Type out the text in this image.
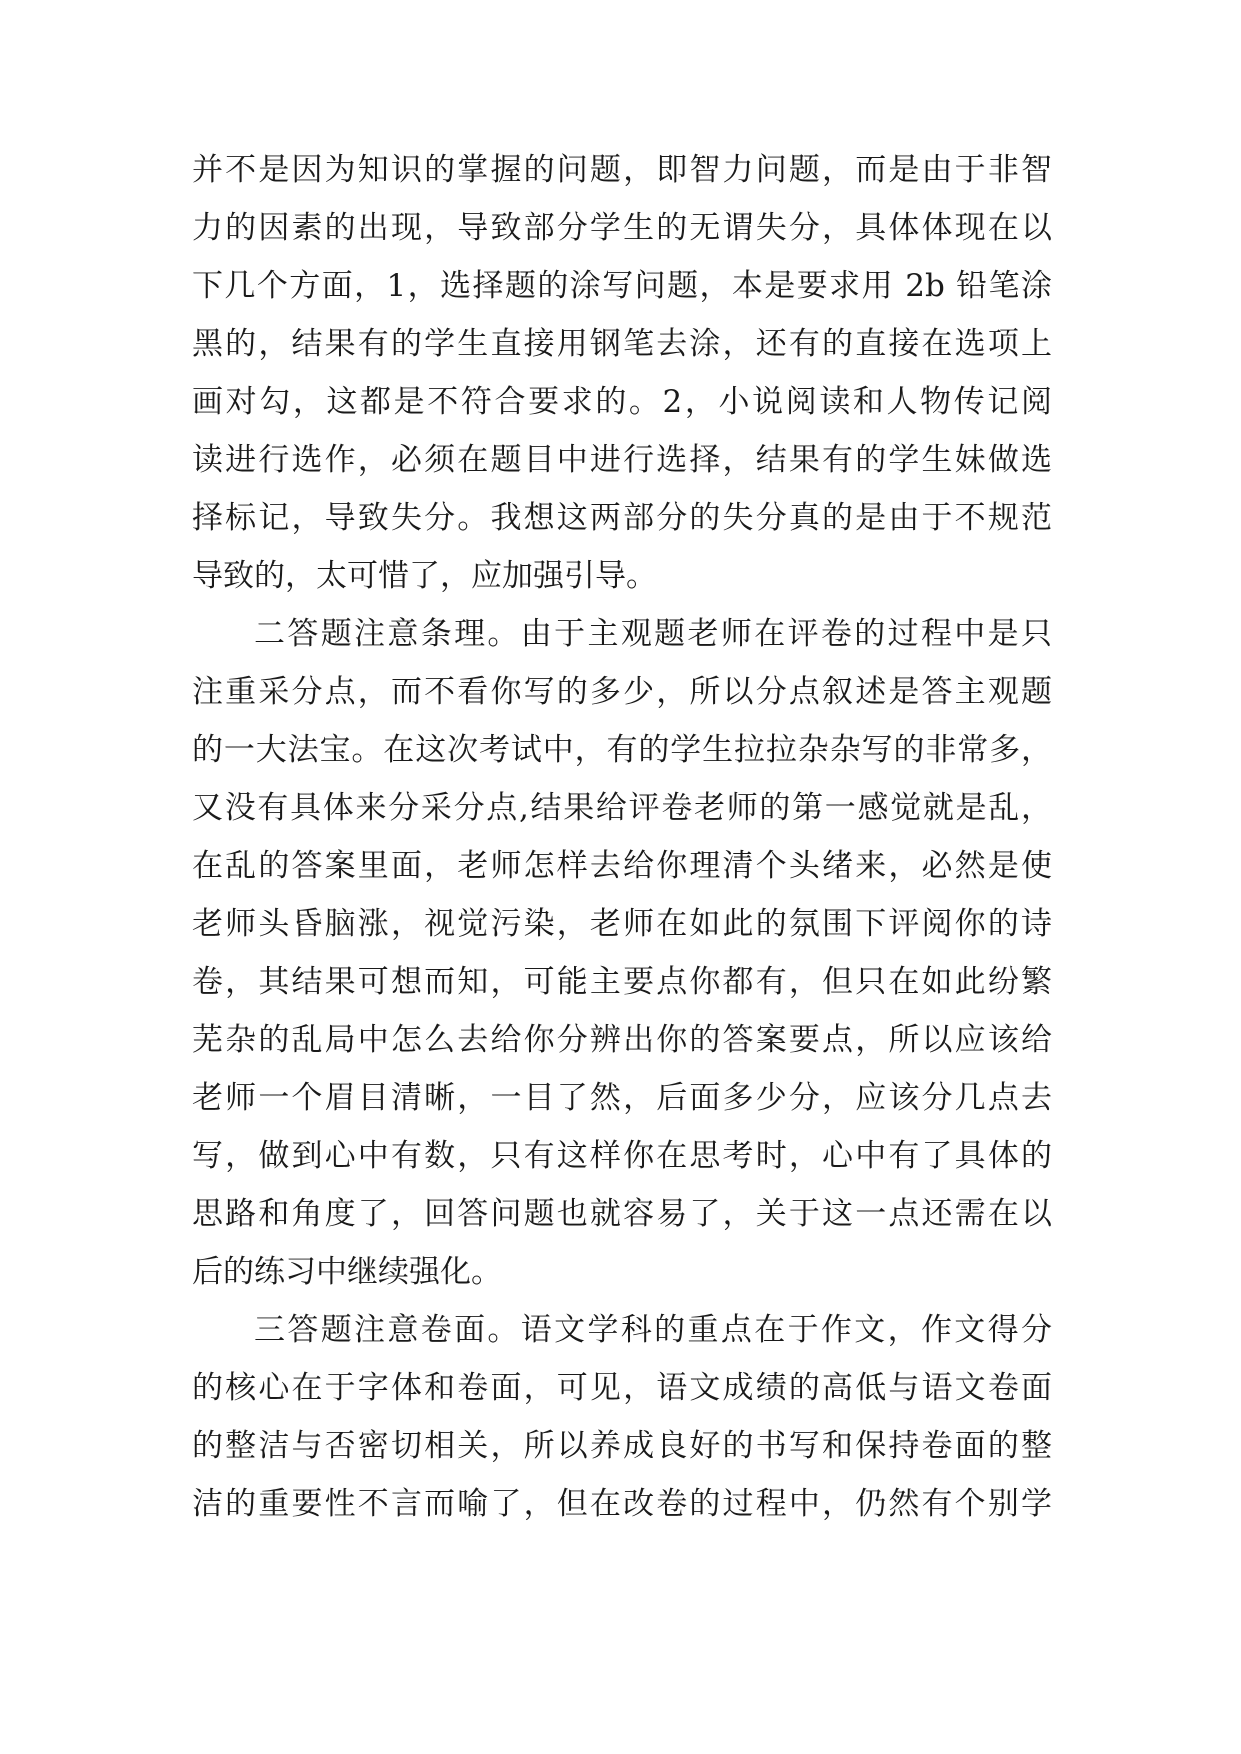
并不是因为知识的掌握的问题，即智力问题，而是由于非智
力的因素的出现，导致部分学生的无谓失分，具体体现在以
下几个方面，1，选择题的涂写问题，本是要求用 2b 铅笔涂
黑的，结果有的学生直接用钢笔去涂，还有的直接在选项上
画对勾，这都是不符合要求的。2，小说阅读和人物传记阅
读进行选作，必须在题目中进行选择，结果有的学生妹做选
择标记，导致失分。我想这两部分的失分真的是由于不规范
导致的，太可惜了，应加强引导。
二答题注意条理。由于主观题老师在评卷的过程中是只
注重采分点，而不看你写的多少，所以分点叙述是答主观题
的一大法宝。在这次考试中，有的学生拉拉杂杂写的非常多，
又没有具体来分采分点,结果给评卷老师的第一感觉就是乱，
在乱的答案里面，老师怎样去给你理清个头绪来，必然是使
老师头昏脑涨，视觉污染，老师在如此的氛围下评阅你的诗
卷，其结果可想而知，可能主要点你都有，但只在如此纷繁
芜杂的乱局中怎么去给你分辨出你的答案要点，所以应该给
老师一个眉目清晰，一目了然，后面多少分，应该分几点去
写，做到心中有数，只有这样你在思考时，心中有了具体的
思路和角度了，回答问题也就容易了，关于这一点还需在以
后的练习中继续强化。
三答题注意卷面。语文学科的重点在于作文，作文得分
的核心在于字体和卷面，可见，语文成绩的高低与语文卷面
的整洁与否密切相关，所以养成良好的书写和保持卷面的整
洁的重要性不言而喻了，但在改卷的过程中，仍然有个别学
